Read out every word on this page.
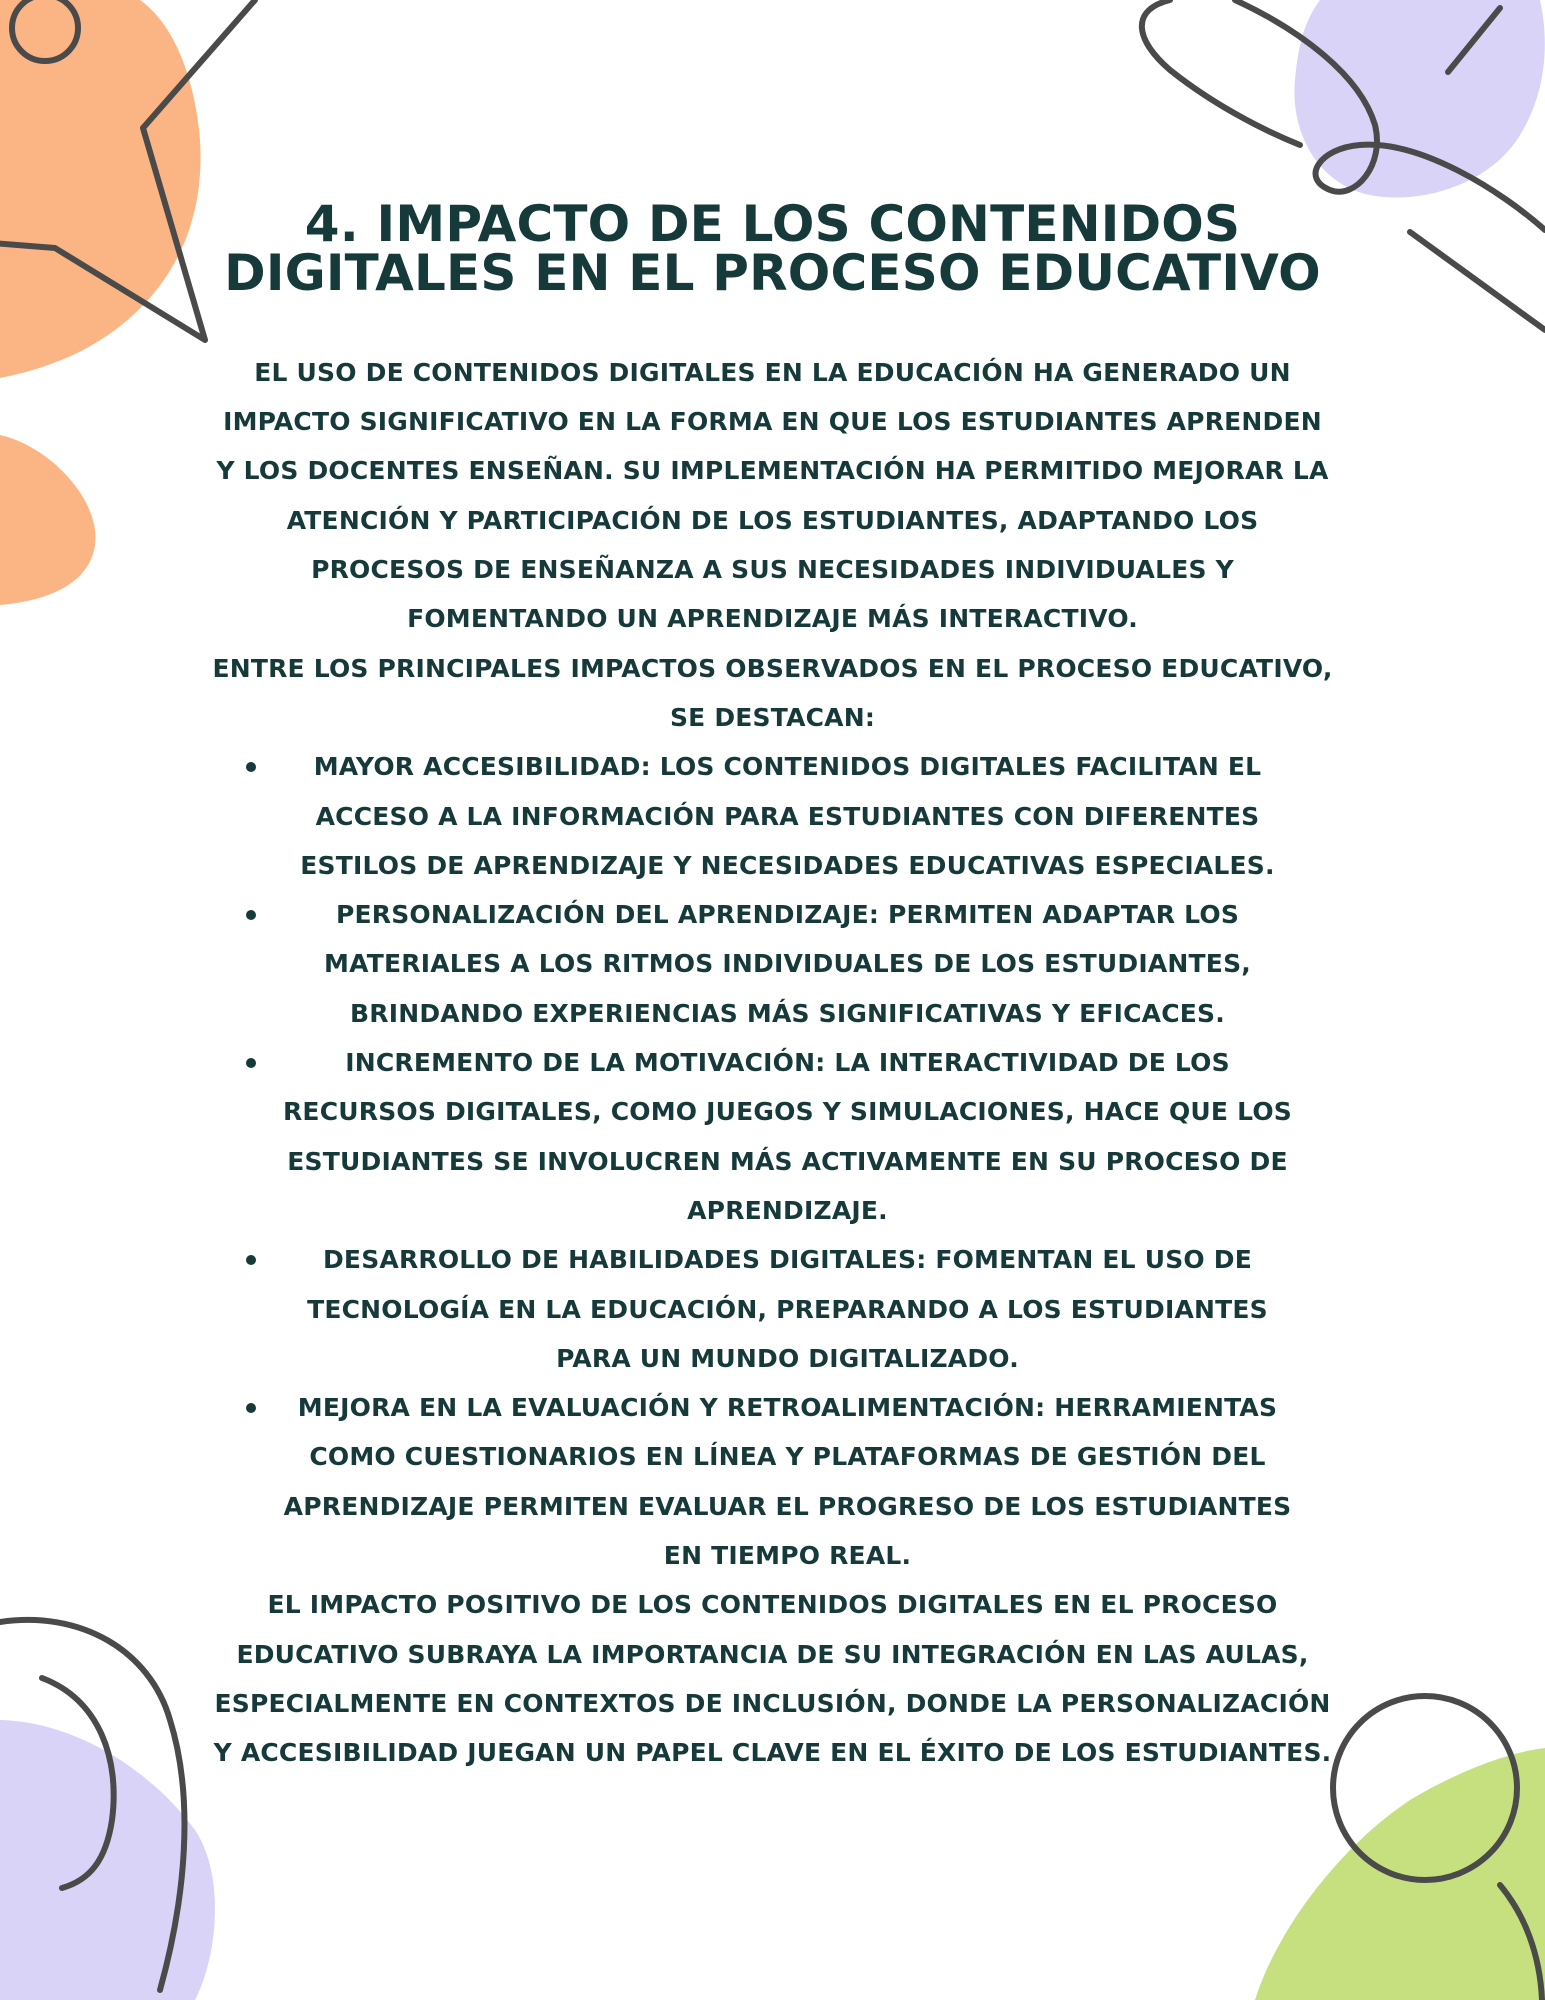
4. IMPACTO DE LOS CONTENIDOS DIGITALES EN EL PROCESO EDUCATIVO

EL USO DE CONTENIDOS DIGITALES EN LA EDUCACIÓN HA GENERADO UN IMPACTO SIGNIFICATIVO EN LA FORMA EN QUE LOS ESTUDIANTES APRENDEN Y LOS DOCENTES ENSEÑAN. SU IMPLEMENTACIÓN HA PERMITIDO MEJORAR LA ATENCIÓN Y PARTICIPACIÓN DE LOS ESTUDIANTES, ADAPTANDO LOS PROCESOS DE ENSEÑANZA A SUS NECESIDADES INDIVIDUALES Y FOMENTANDO UN APRENDIZAJE MÁS INTERACTIVO.

ENTRE LOS PRINCIPALES IMPACTOS OBSERVADOS EN EL PROCESO EDUCATIVO, SE DESTACAN:

MAYOR ACCESIBILIDAD: LOS CONTENIDOS DIGITALES FACILITAN EL ACCESO A LA INFORMACIÓN PARA ESTUDIANTES CON DIFERENTES ESTILOS DE APRENDIZAJE Y NECESIDADES EDUCATIVAS ESPECIALES.
PERSONALIZACIÓN DEL APRENDIZAJE: PERMITEN ADAPTAR LOS MATERIALES A LOS RITMOS INDIVIDUALES DE LOS ESTUDIANTES, BRINDANDO EXPERIENCIAS MÁS SIGNIFICATIVAS Y EFICACES.
INCREMENTO DE LA MOTIVACIÓN: LA INTERACTIVIDAD DE LOS RECURSOS DIGITALES, COMO JUEGOS Y SIMULACIONES, HACE QUE LOS ESTUDIANTES SE INVOLUCREN MÁS ACTIVAMENTE EN SU PROCESO DE APRENDIZAJE.
DESARROLLO DE HABILIDADES DIGITALES: FOMENTAN EL USO DE TECNOLOGÍA EN LA EDUCACIÓN, PREPARANDO A LOS ESTUDIANTES PARA UN MUNDO DIGITALIZADO.
MEJORA EN LA EVALUACIÓN Y RETROALIMENTACIÓN: HERRAMIENTAS COMO CUESTIONARIOS EN LÍNEA Y PLATAFORMAS DE GESTIÓN DEL APRENDIZAJE PERMITEN EVALUAR EL PROGRESO DE LOS ESTUDIANTES EN TIEMPO REAL.

EL IMPACTO POSITIVO DE LOS CONTENIDOS DIGITALES EN EL PROCESO EDUCATIVO SUBRAYA LA IMPORTANCIA DE SU INTEGRACIÓN EN LAS AULAS, ESPECIALMENTE EN CONTEXTOS DE INCLUSIÓN, DONDE LA PERSONALIZACIÓN Y ACCESIBILIDAD JUEGAN UN PAPEL CLAVE EN EL ÉXITO DE LOS ESTUDIANTES.
